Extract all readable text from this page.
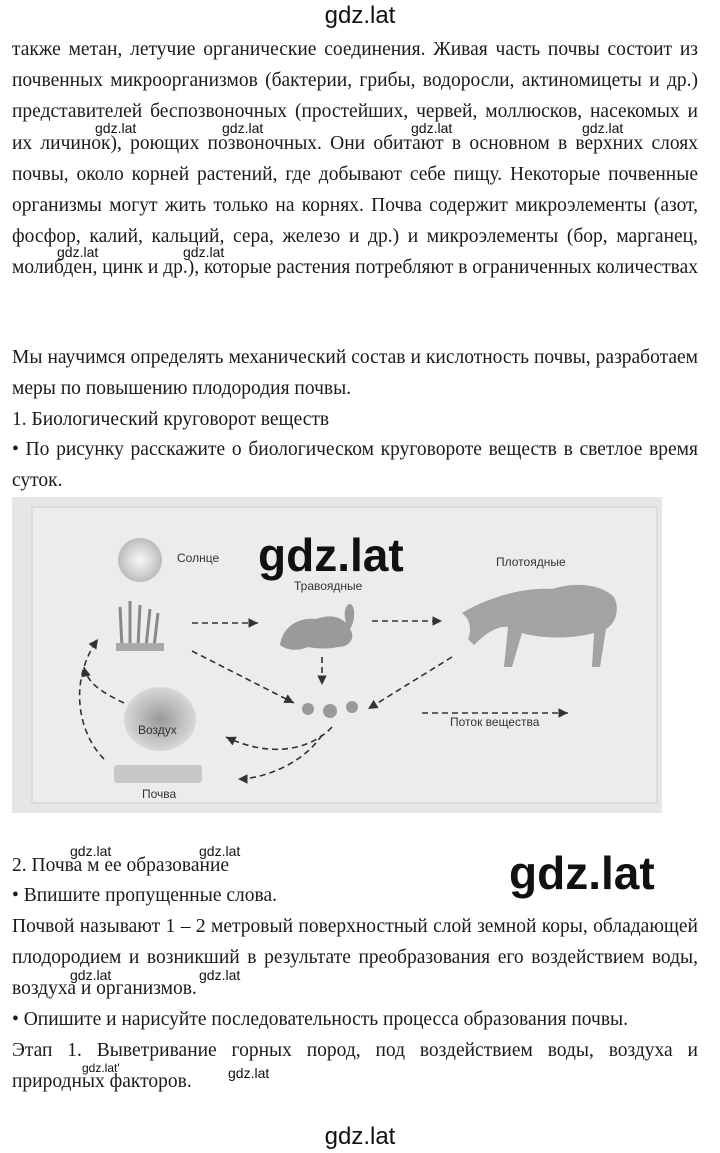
gdz.lat
также метан, летучие органические соединения. Живая часть почвы состоит из почвенных микроорганизмов (бактерии, грибы, водоросли, актиномицеты и др.) представителей беспозвоночных (простейших, червей, моллюсков, насекомых и их личинок), роющих позвоночных. Они обитают в основном в верхних слоях почвы, около корней растений, где добывают себе пищу. Некоторые почвенные организмы могут жить только на корнях. Почва содержит микроэлементы (азот, фосфор, калий, кальций, сера, железо и др.) и микроэлементы (бор, марганец, молибден, цинк и др.), которые растения потребляют в ограниченных количествах
Мы научимся определять механический состав и кислотность почвы, разработаем меры по повышению плодородия почвы.
1. Биологический круговорот веществ
• По рисунку расскажите о биологическом круговороте веществ в светлое время суток.
Солнце
Травоядные
Плотоядные
Воздух
Почва
Поток вещества
2. Почва м ее образование
• Впишите пропущенные слова.
Почвой называют 1 – 2 метровый поверхностный слой земной коры, обладающей плодородием и возникший в результате преобразования его воздействием воды, воздуха и организмов.
• Опишите и нарисуйте последовательность процесса образования почвы.
Этап 1. Выветривание горных пород, под воздействием воды, воздуха и природных факторов.
gdz.lat	gdz.lat	gdz.lat	gdz.lat
gdz.lat	gdz.lat
gdz.lat
gdz.lat	gdz.lat	gdz.lat
gdz.lat	gdz.lat
gdz.lat'	gdz.lat
gdz.lat
